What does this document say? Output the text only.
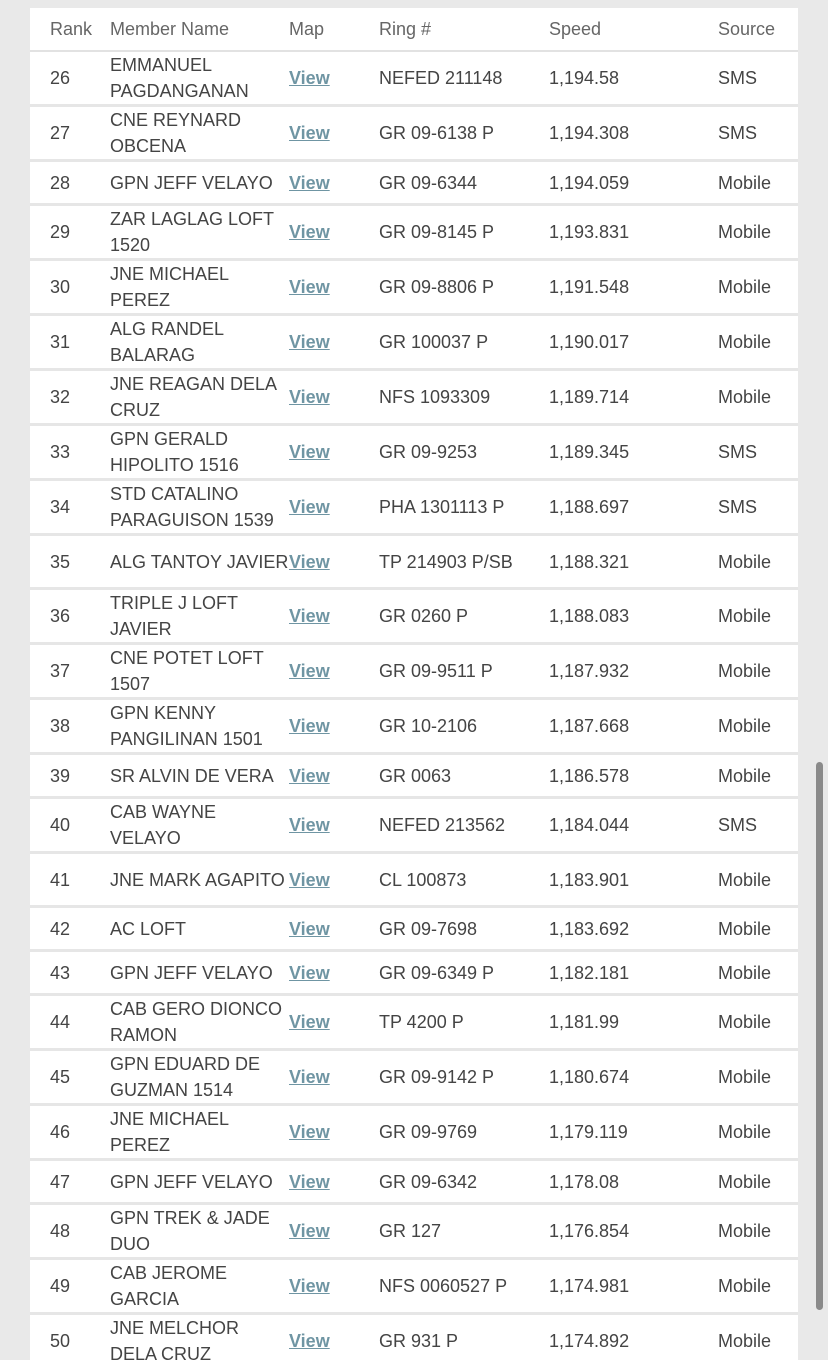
Rank	Member Name	Map	Ring #	Speed	Source
26	EMMANUEL PAGDANGANAN	View	NEFED 211148	1,194.58	SMS
27	CNE REYNARD OBCENA	View	GR 09-6138 P	1,194.308	SMS
28	GPN JEFF VELAYO	View	GR 09-6344	1,194.059	Mobile
29	ZAR LAGLAG LOFT 1520	View	GR 09-8145 P	1,193.831	Mobile
30	JNE MICHAEL PEREZ	View	GR 09-8806 P	1,191.548	Mobile
31	ALG RANDEL BALARAG	View	GR 100037 P	1,190.017	Mobile
32	JNE REAGAN DELA CRUZ	View	NFS 1093309	1,189.714	Mobile
33	GPN GERALD HIPOLITO 1516	View	GR 09-9253	1,189.345	SMS
34	STD CATALINO PARAGUISON 1539	View	PHA 1301113 P	1,188.697	SMS
35	ALG TANTOY JAVIER	View	TP 214903 P/SB	1,188.321	Mobile
36	TRIPLE J LOFT JAVIER	View	GR 0260 P	1,188.083	Mobile
37	CNE POTET LOFT 1507	View	GR 09-9511 P	1,187.932	Mobile
38	GPN KENNY PANGILINAN 1501	View	GR 10-2106	1,187.668	Mobile
39	SR ALVIN DE VERA	View	GR 0063	1,186.578	Mobile
40	CAB WAYNE VELAYO	View	NEFED 213562	1,184.044	SMS
41	JNE MARK AGAPITO	View	CL 100873	1,183.901	Mobile
42	AC LOFT	View	GR 09-7698	1,183.692	Mobile
43	GPN JEFF VELAYO	View	GR 09-6349 P	1,182.181	Mobile
44	CAB GERO DIONCO RAMON	View	TP 4200 P	1,181.99	Mobile
45	GPN EDUARD DE GUZMAN 1514	View	GR 09-9142 P	1,180.674	Mobile
46	JNE MICHAEL PEREZ	View	GR 09-9769	1,179.119	Mobile
47	GPN JEFF VELAYO	View	GR 09-6342	1,178.08	Mobile
48	GPN TREK & JADE DUO	View	GR 127	1,176.854	Mobile
49	CAB JEROME GARCIA	View	NFS 0060527 P	1,174.981	Mobile
50	JNE MELCHOR DELA CRUZ	View	GR 931 P	1,174.892	Mobile
